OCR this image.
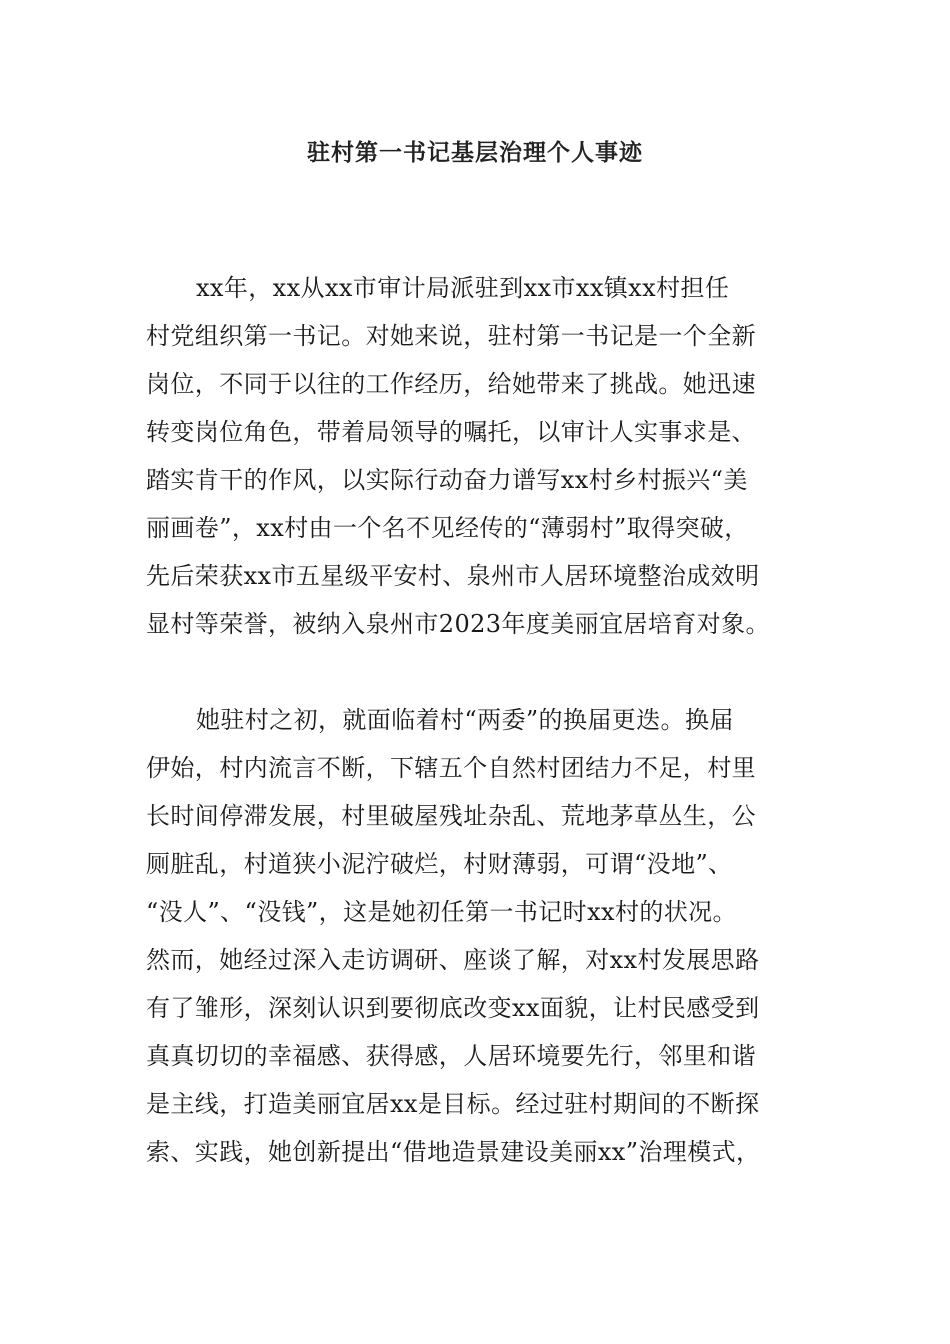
驻村第一书记基层治理个人事迹
xx年，xx从xx市审计局派驻到xx市xx镇xx村担任
村党组织第一书记。对她来说，驻村第一书记是一个全新
岗位，不同于以往的工作经历，给她带来了挑战。她迅速
转变岗位角色，带着局领导的嘱托，以审计人实事求是、
踏实肯干的作风，以实际行动奋力谱写xx村乡村振兴“美
丽画卷”，xx村由一个名不见经传的“薄弱村”取得突破，
先后荣获xx市五星级平安村、泉州市人居环境整治成效明
显村等荣誉，被纳入泉州市2023年度美丽宜居培育对象。
她驻村之初，就面临着村“两委”的换届更迭。换届
伊始，村内流言不断，下辖五个自然村团结力不足，村里
长时间停滞发展，村里破屋残址杂乱、荒地茅草丛生，公
厕脏乱，村道狭小泥泞破烂，村财薄弱，可谓“没地”、
“没人”、“没钱”，这是她初任第一书记时xx村的状况。
然而，她经过深入走访调研、座谈了解，对xx村发展思路
有了雏形，深刻认识到要彻底改变xx面貌，让村民感受到
真真切切的幸福感、获得感，人居环境要先行，邻里和谐
是主线，打造美丽宜居xx是目标。经过驻村期间的不断探
索、实践，她创新提出“借地造景建设美丽xx”治理模式，
